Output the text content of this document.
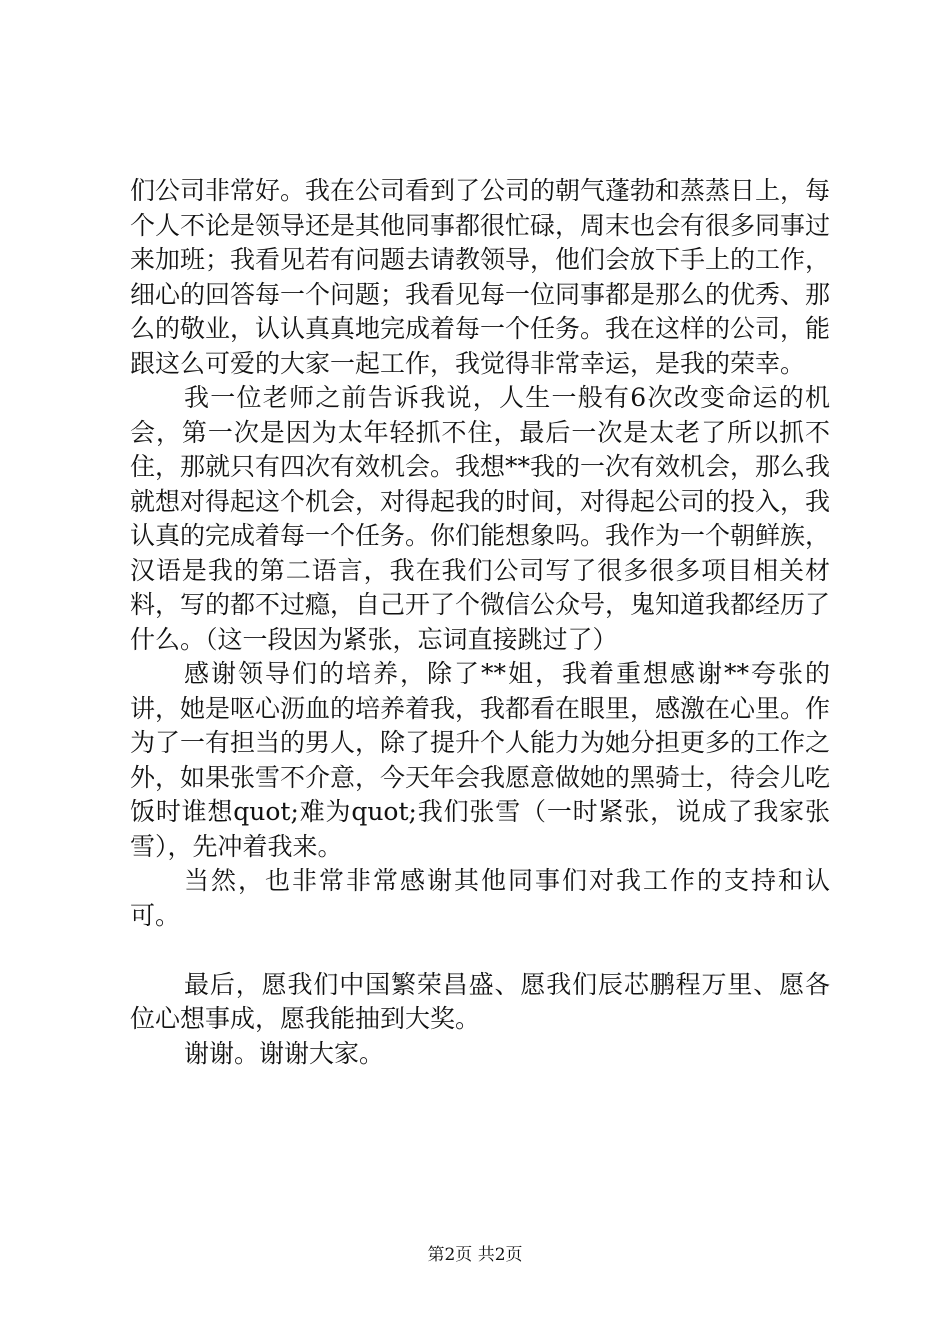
们公司非常好。我在公司看到了公司的朝气蓬勃和蒸蒸日上，每个人不论是领导还是其他同事都很忙碌，周末也会有很多同事过来加班；我看见若有问题去请教领导，他们会放下手上的工作，细心的回答每一个问题；我看见每一位同事都是那么的优秀、那么的敬业，认认真真地完成着每一个任务。我在这样的公司，能跟这么可爱的大家一起工作，我觉得非常幸运，是我的荣幸。

我一位老师之前告诉我说，人生一般有6次改变命运的机会，第一次是因为太年轻抓不住，最后一次是太老了所以抓不住，那就只有四次有效机会。我想**我的一次有效机会，那么我就想对得起这个机会，对得起我的时间，对得起公司的投入，我认真的完成着每一个任务。你们能想象吗。我作为一个朝鲜族，汉语是我的第二语言，我在我们公司写了很多很多项目相关材料，写的都不过瘾，自己开了个微信公众号，鬼知道我都经历了什么。（这一段因为紧张，忘词直接跳过了）

感谢领导们的培养，除了**姐，我着重想感谢**夸张的讲，她是呕心沥血的培养着我，我都看在眼里，感激在心里。作为了一有担当的男人，除了提升个人能力为她分担更多的工作之外，如果张雪不介意，今天年会我愿意做她的黑骑士，待会儿吃饭时谁想quot;难为quot;我们张雪（一时紧张，说成了我家张雪），先冲着我来。

当然，也非常非常感谢其他同事们对我工作的支持和认可。

最后，愿我们中国繁荣昌盛、愿我们辰芯鹏程万里、愿各位心想事成，愿我能抽到大奖。

谢谢。谢谢大家。

第2页 共2页
